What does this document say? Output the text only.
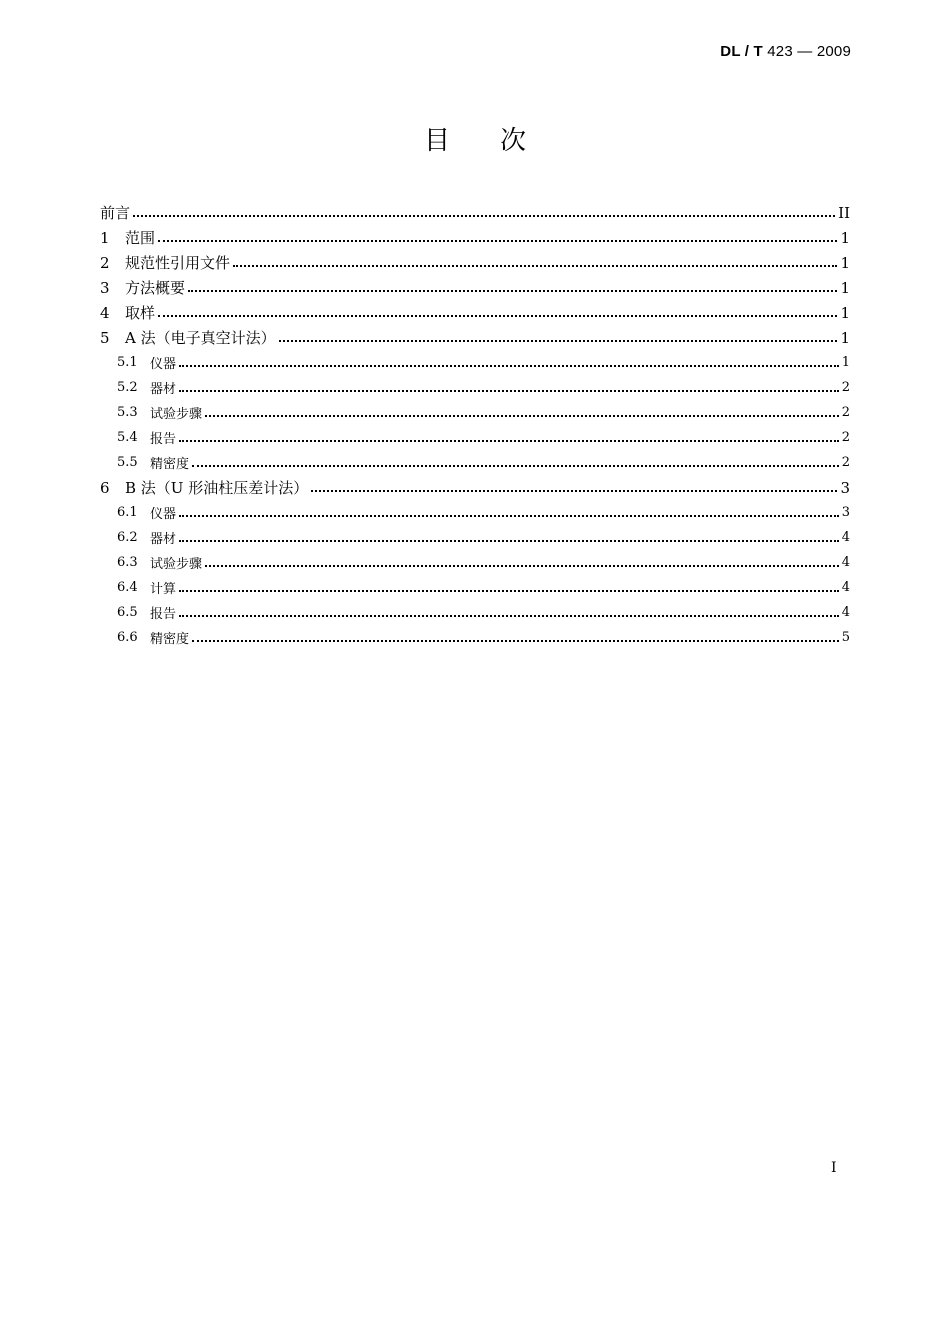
DL / T 423 — 2009
目次
前言	II
1	范围	1
2	规范性引用文件	1
3	方法概要	1
4	取样	1
5	A 法（电子真空计法）	1
5.1 仪器	1
5.2 器材	2
5.3 试验步骤	2
5.4 报告	2
5.5 精密度	2
6	B 法（U 形油柱压差计法）	3
6.1 仪器	3
6.2 器材	4
6.3 试验步骤	4
6.4 计算	4
6.5 报告	4
6.6 精密度	5
I
